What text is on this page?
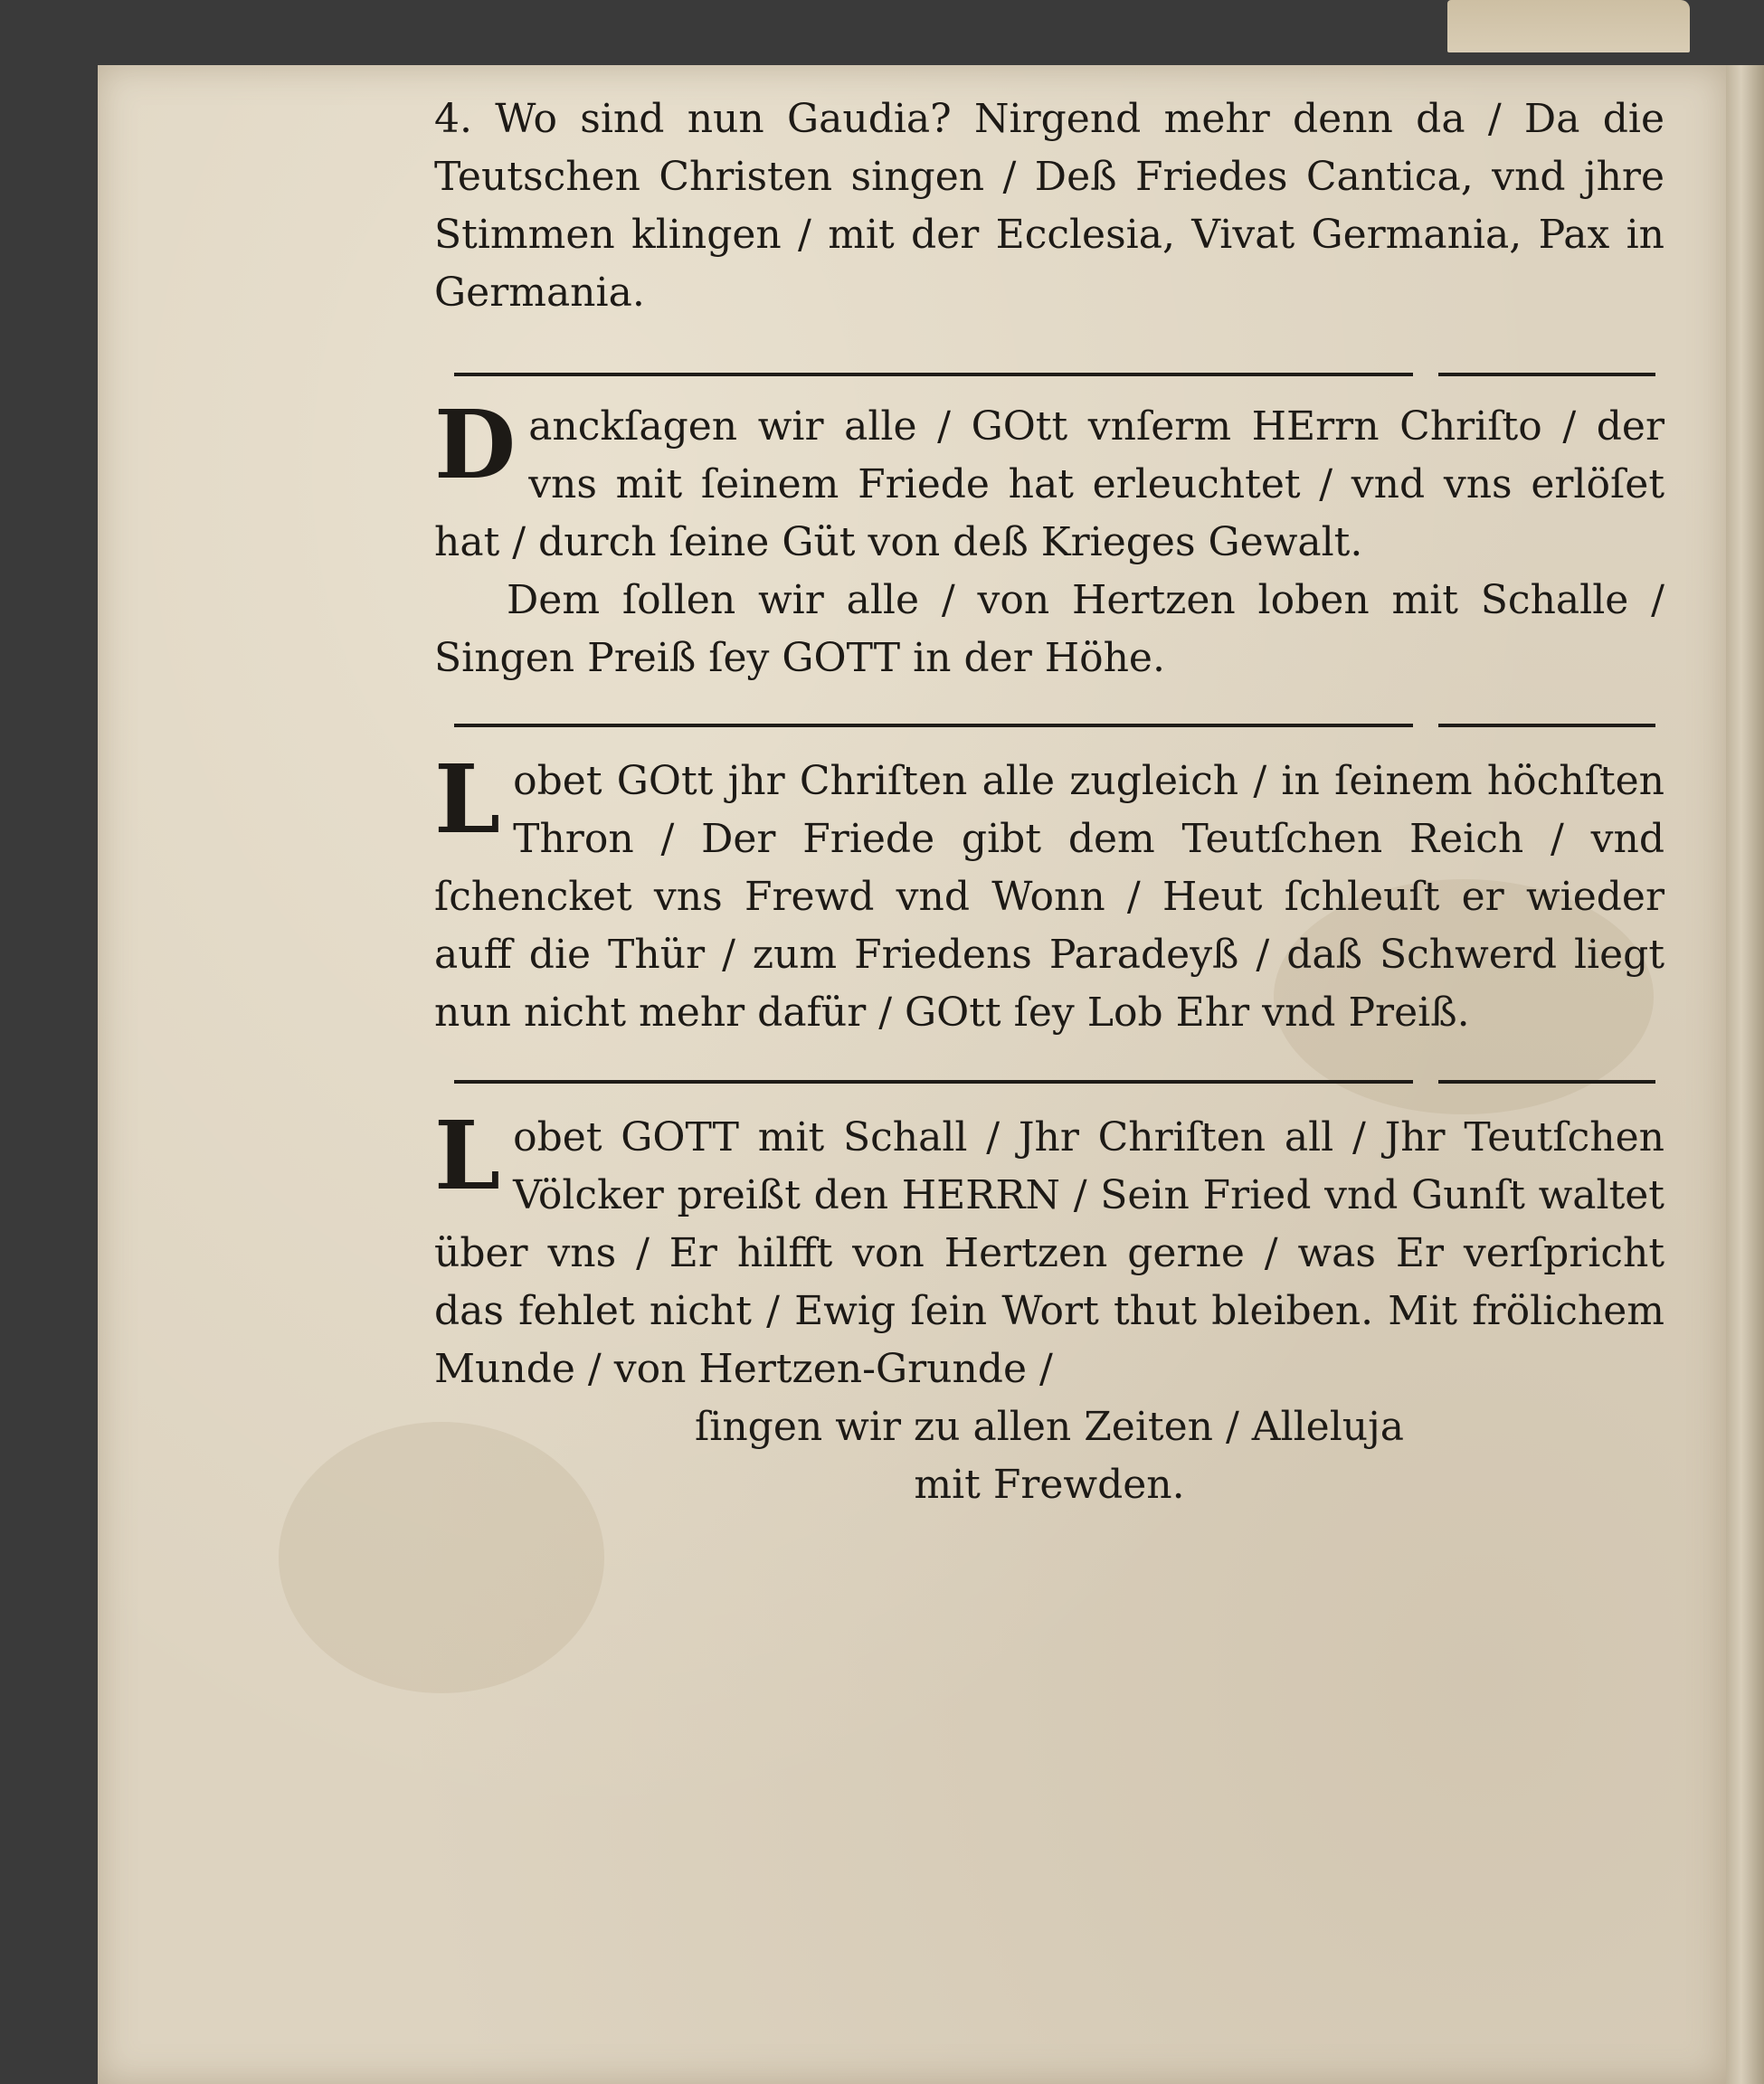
4. Wo sind nun Gaudia? Nirgend mehr denn da / Da die Teutschen Christen singen / Deß Friedes Cantica, vnd jhre Stimmen klingen / mit der Ecclesia, Vivat Germania, Pax in Germania.

D anckſagen wir alle / GOtt vnſerm HErrn Chriſto / der vns mit ſeinem Friede hat erleuchtet / vnd vns erlöſet hat / durch ſeine Güt von deß Krieges Gewalt.
Dem ſollen wir alle / von Hertzen loben mit Schalle / Singen Preiß ſey GOTT in der Höhe.
L obet GOtt jhr Chriſten alle zugleich / in ſeinem höchſten Thron / Der Friede gibt dem Teutſchen Reich / vnd ſchencket vns Frewd vnd Wonn / Heut ſchleuſt er wieder auff die Thür / zum Friedens Paradeyß / daß Schwerd liegt nun nicht mehr dafür / GOtt ſey Lob Ehr vnd Preiß.
L obet GOTT mit Schall / Jhr Chriſten all / Jhr Teutſchen Völcker preißt den HERRN / Sein Fried vnd Gunſt waltet über vns / Er hilfft von Hertzen gerne / was Er verſpricht das fehlet nicht / Ewig ſein Wort thut bleiben. Mit frölichem Munde / von Hertzen-Grunde /

ſingen wir zu allen Zeiten / Alleluja

mit Frewden.
